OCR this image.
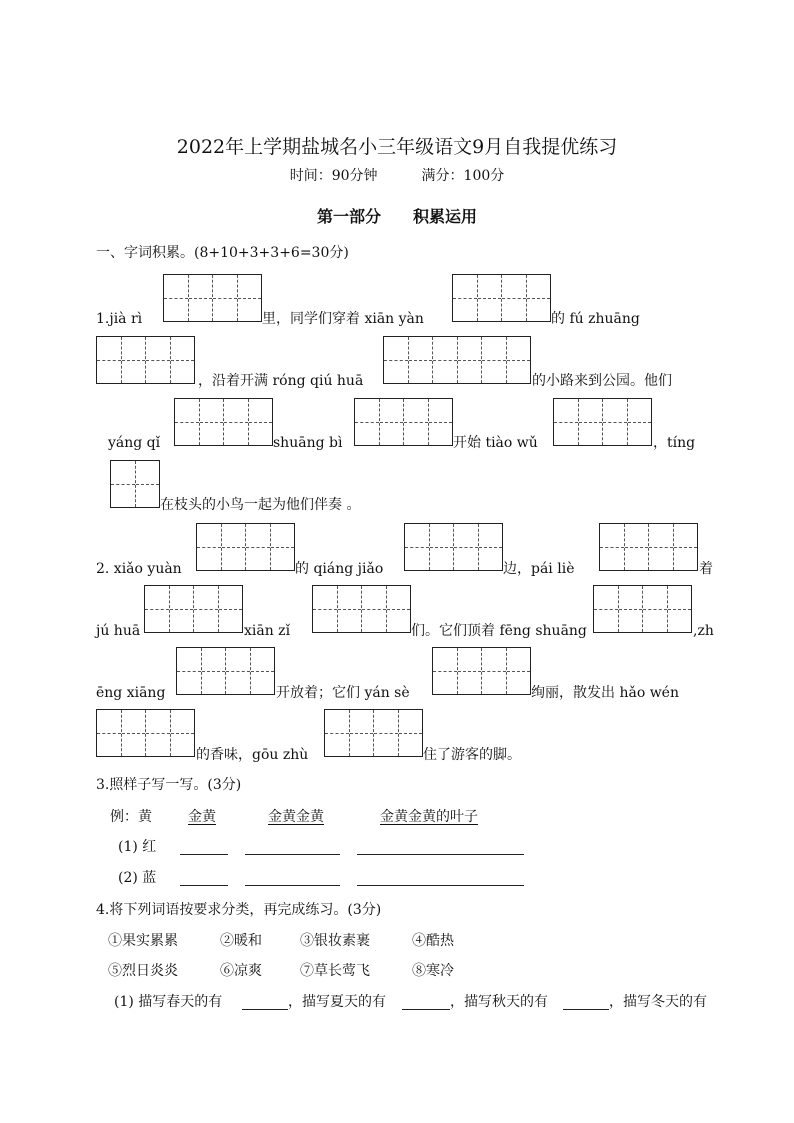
2022年上学期盐城名小三年级语文9月自我提优练习
时间：90分钟	满分：100分
第一部分 积累运用
一、字词积累。(8+10+3+3+6=30分)
1.jià rì	里，同学们穿着 xiān yàn	的 fú zhuāng
，沿着开满 róng qiú huā	的小路来到公园。他们
yáng qǐ	shuāng bì	开始 tiào wǔ	，tíng
在枝头的小鸟一起为他们伴奏 。
2. xiǎo yuàn	的 qiáng jiǎo	边，pái liè	着
jú huā	xiān zǐ	们。它们顶着 fēng shuāng	,zh
ēng xiāng	开放着；它们 yán sè	绚丽，散发出 hǎo wén
的香味，gōu zhù	住了游客的脚。
3.照样子写一写。(3分)
例：黄	金黄	金黄金黄	金黄金黄的叶子
(1) 红
(2) 蓝
4.将下列词语按要求分类，再完成练习。(3分)
①果实累累	②暖和	③银妆素裹	④酷热
⑤烈日炎炎	⑥凉爽	⑦草长莺飞	⑧寒冷
(1) 描写春天的有	，描写夏天的有	，描写秋天的有	，描写冬天的有
